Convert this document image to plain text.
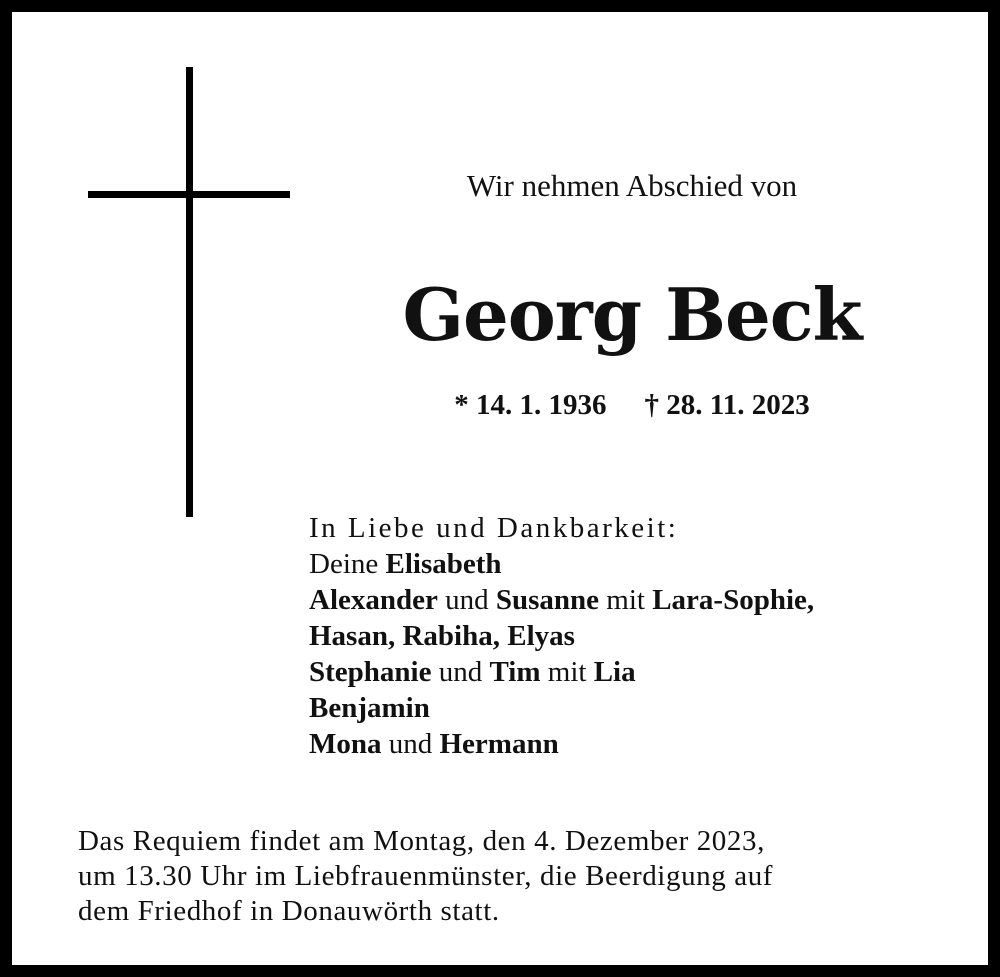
Wir nehmen Abschied von
Georg Beck
* 14. 1. 1936 † 28. 11. 2023
In Liebe und Dankbarkeit:
Deine Elisabeth
Alexander und Susanne mit Lara-Sophie,
Hasan, Rabiha, Elyas
Stephanie und Tim mit Lia
Benjamin
Mona und Hermann
Das Requiem findet am Montag, den 4. Dezember 2023,
um 13.30 Uhr im Liebfrauenmünster, die Beerdigung auf
dem Friedhof in Donauwörth statt.
